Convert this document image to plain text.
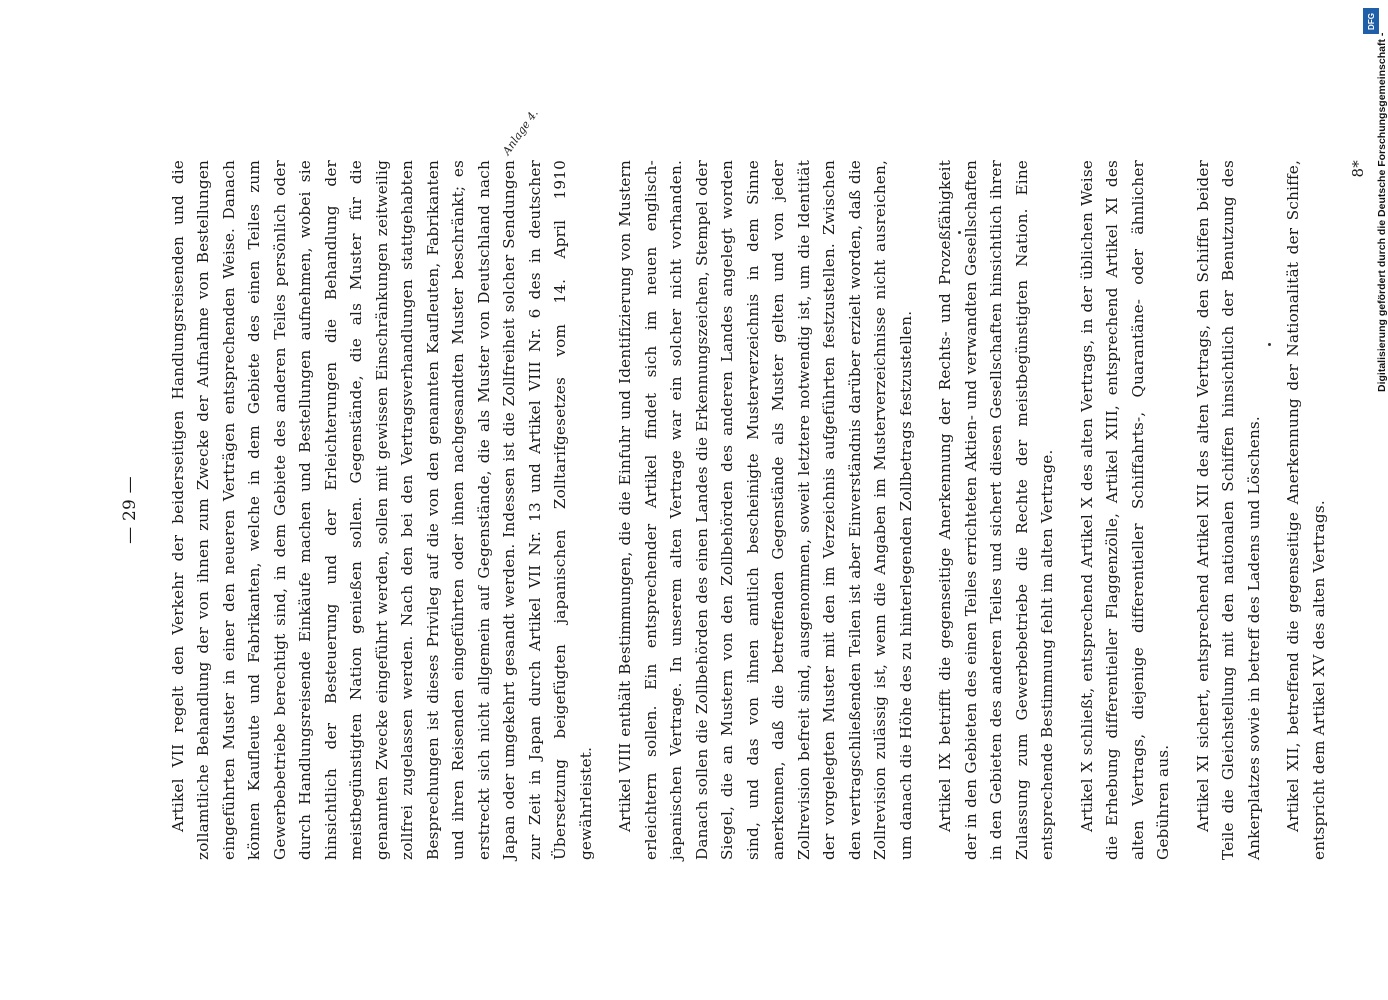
— 29 — Artikel VII regelt den Verkehr der beiderseitigen Handlungsreisenden und die zollamtliche Behandlung der von ihnen zum Zwecke der Aufnahme von Bestellungen eingeführten Muster in einer den neueren Verträgen entsprechenden Weise. Danach können Kaufleute und Fabrikanten, welche in dem Gebiete des einen Teiles zum Gewerbebetriebe berechtigt sind, in dem Gebiete des anderen Teiles persönlich oder durch Handlungsreisende Einkäufe machen und Bestellungen aufnehmen, wobei sie hinsichtlich der Besteuerung und der Erleichterungen die Behandlung der meistbegünstigten Nation genießen sollen. Gegenstände, die als Muster für die genannten Zwecke eingeführt werden, sollen mit gewissen Einschränkungen zeitweilig zollfrei zugelassen werden. Nach den bei den Vertragsverhandlungen stattgehabten Besprechungen ist dieses Privileg auf die von den genannten Kaufleuten, Fabrikanten und ihren Reisenden eingeführten oder ihnen nachgesandten Muster beschränkt; es erstreckt sich nicht allgemein auf Gegenstände, die als Muster von Deutschland nach Japan oder umgekehrt gesandt werden. Indessen ist die Zollfreiheit solcher Sendungen zur Zeit in Japan durch Artikel VII Nr. 13 und Artikel VIII Nr. 6 des in deutscher Übersetzung beigefügten japanischen Zolltarifgesetzes vom 14. April 1910 gewährleistet. Artikel VIII enthält Bestimmungen, die die Einfuhr und Identifizierung von Mustern erleichtern sollen. Ein entsprechender Artikel findet sich im neuen englisch-japanischen Vertrage. In unserem alten Vertrage war ein solcher nicht vorhanden. Danach sollen die Zollbehörden des einen Landes die Erkennungszeichen, Stempel oder Siegel, die an Mustern von den Zollbehörden des anderen Landes angelegt worden sind, und das von ihnen amtlich bescheinigte Musterverzeichnis in dem Sinne anerkennen, daß die betreffenden Gegenstände als Muster gelten und von jeder Zollrevision befreit sind, ausgenommen, soweit letztere notwendig ist, um die Identität der vorgelegten Muster mit den im Verzeichnis aufgeführten festzustellen. Zwischen den vertragschließenden Teilen ist aber Einverständnis darüber erzielt worden, daß die Zollrevision zulässig ist, wenn die Angaben im Musterverzeichnisse nicht ausreichen, um danach die Höhe des zu hinterlegenden Zollbetrags festzustellen. Artikel IX betrifft die gegenseitige Anerkennung der Rechts- und Prozeßfähigkeit der in den Gebieten des einen Teiles errichteten Aktien- und verwandten Gesellschaften in den Gebieten des anderen Teiles und sichert diesen Gesellschaften hinsichtlich ihrer Zulassung zum Gewerbebetriebe die Rechte der meistbegünstigten Nation. Eine entsprechende Bestimmung fehlt im alten Vertrage. Artikel X schließt, entsprechend Artikel X des alten Vertrags, in der üblichen Weise die Erhebung differentieller Flaggenzölle, Artikel XIII, entsprechend Artikel XI des alten Vertrags, diejenige differentieller Schiffahrts-, Quarantäne- oder ähnlicher Gebühren aus. Artikel XI sichert, entsprechend Artikel XII des alten Vertrags, den Schiffen beider Teile die Gleichstellung mit den nationalen Schiffen hinsichtlich der Benutzung des Ankerplatzes sowie in betreff des Ladens und Löschens. Artikel XII, betreffend die gegenseitige Anerkennung der Nationalität der Schiffe, entspricht dem Artikel XV des alten Vertrags.

8*
Anlage 4.
DFG
Digitalisierung gefördert durch die Deutsche Forschungsgemeinschaft -
